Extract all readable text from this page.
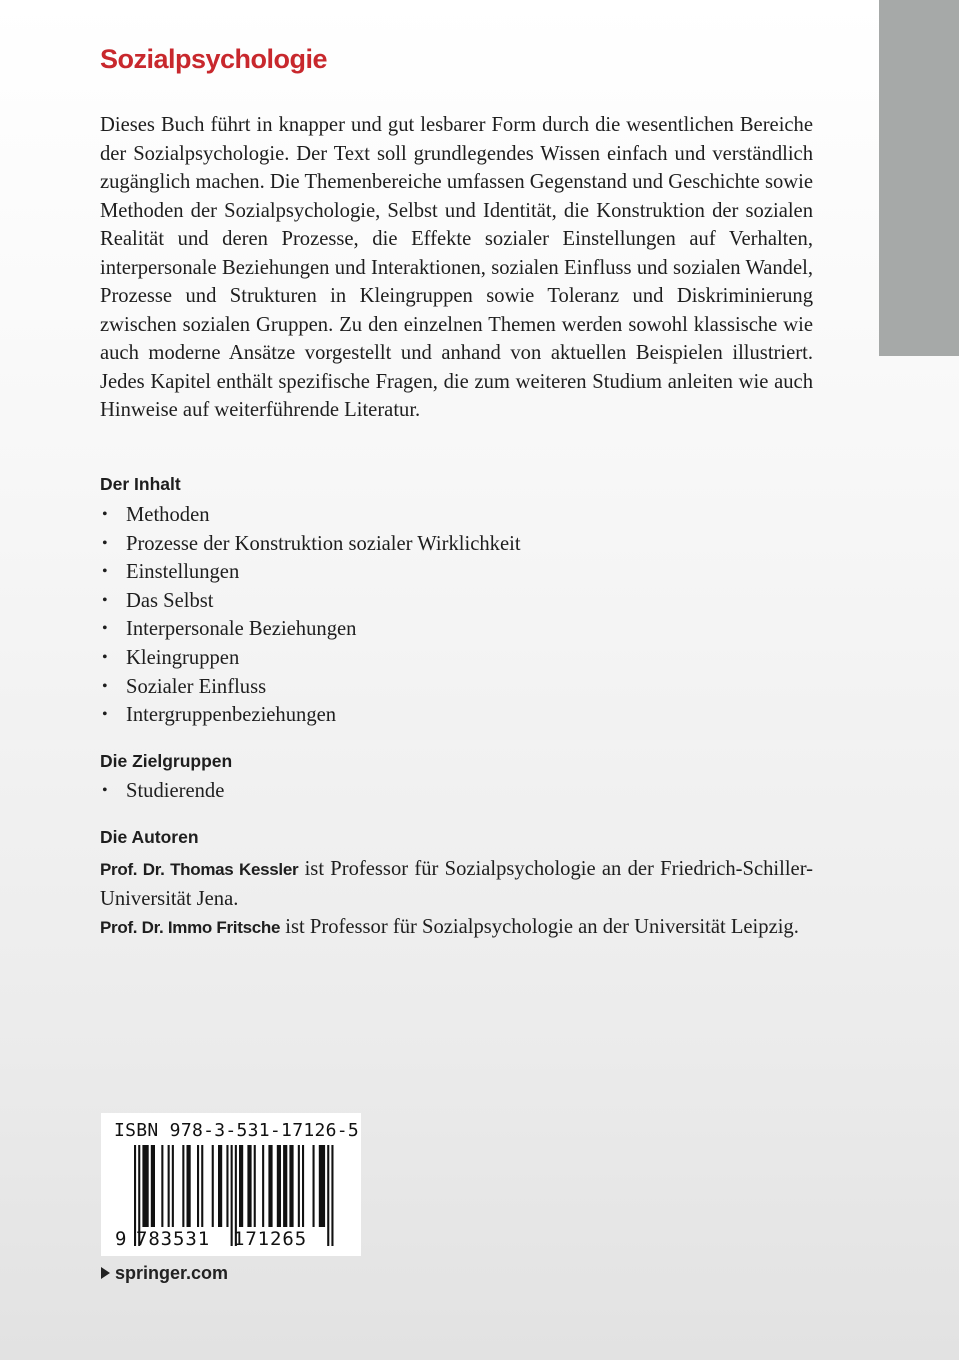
Sozialpsychologie

Dieses Buch führt in knapper und gut lesbarer Form durch die wesentlichen Bereiche der Sozialpsychologie. Der Text soll grundlegendes Wissen einfach und verständlich zugänglich machen. Die Themenbereiche umfassen Gegenstand und Geschichte sowie Methoden der Sozialpsychologie, Selbst und Identität, die Konstruktion der sozialen Realität und deren Prozesse, die Effekte sozialer Einstellungen auf Verhalten, interpersonale Beziehungen und Interaktionen, sozialen Einfluss und sozialen Wandel, Prozesse und Strukturen in Kleingruppen sowie Toleranz und Diskriminierung zwischen sozialen Gruppen. Zu den einzelnen Themen werden sowohl klassische wie auch moderne Ansätze vorgestellt und anhand von aktuellen Beispielen illustriert. Jedes Kapitel enthält spezifische Fragen, die zum weiteren Studium anleiten wie auch Hinweise auf weiterführende Literatur.

Der Inhalt
• Methoden
• Prozesse der Konstruktion sozialer Wirklichkeit
• Einstellungen
• Das Selbst
• Interpersonale Beziehungen
• Kleingruppen
• Sozialer Einfluss
• Intergruppenbeziehungen
Die Zielgruppen
• Studierende
Die Autoren

Prof. Dr. Thomas Kessler ist Professor für Sozialpsychologie an der Friedrich-Schiller-Universität Jena.

Prof. Dr. Immo Fritsche ist Professor für Sozialpsychologie an der Universität Leipzig.

ISBN 978-3-531-17126-5
9 783531 171265
springer.com
